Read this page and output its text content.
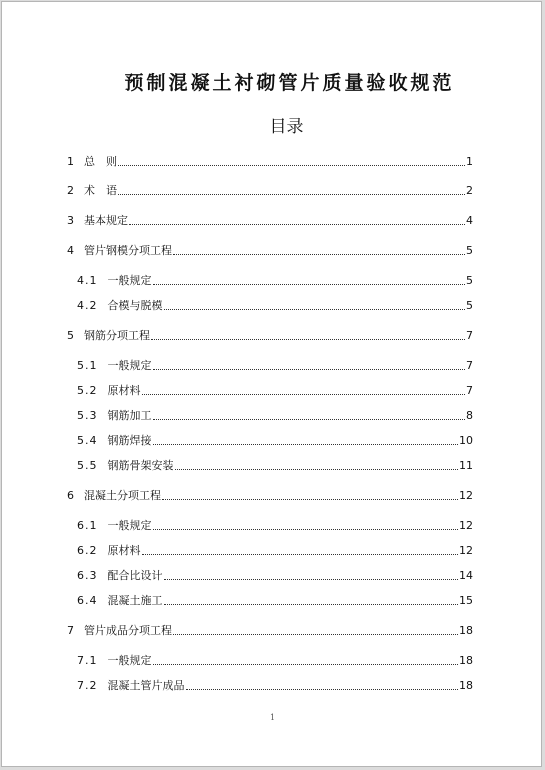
预制混凝土衬砌管片质量验收规范
目录
1 总　则	1
2 术　语	2
3 基本规定	4
4 管片钢模分项工程	5
4.1 一般规定	5
4.2 合模与脱模	5
5 钢筋分项工程	7
5.1 一般规定	7
5.2 原材料	7
5.3 钢筋加工	8
5.4 钢筋焊接	10
5.5 钢筋骨架安装	11
6 混凝土分项工程	12
6.1 一般规定	12
6.2 原材料	12
6.3 配合比设计	14
6.4 混凝土施工	15
7 管片成品分项工程	18
7.1 一般规定	18
7.2 混凝土管片成品	18
1
